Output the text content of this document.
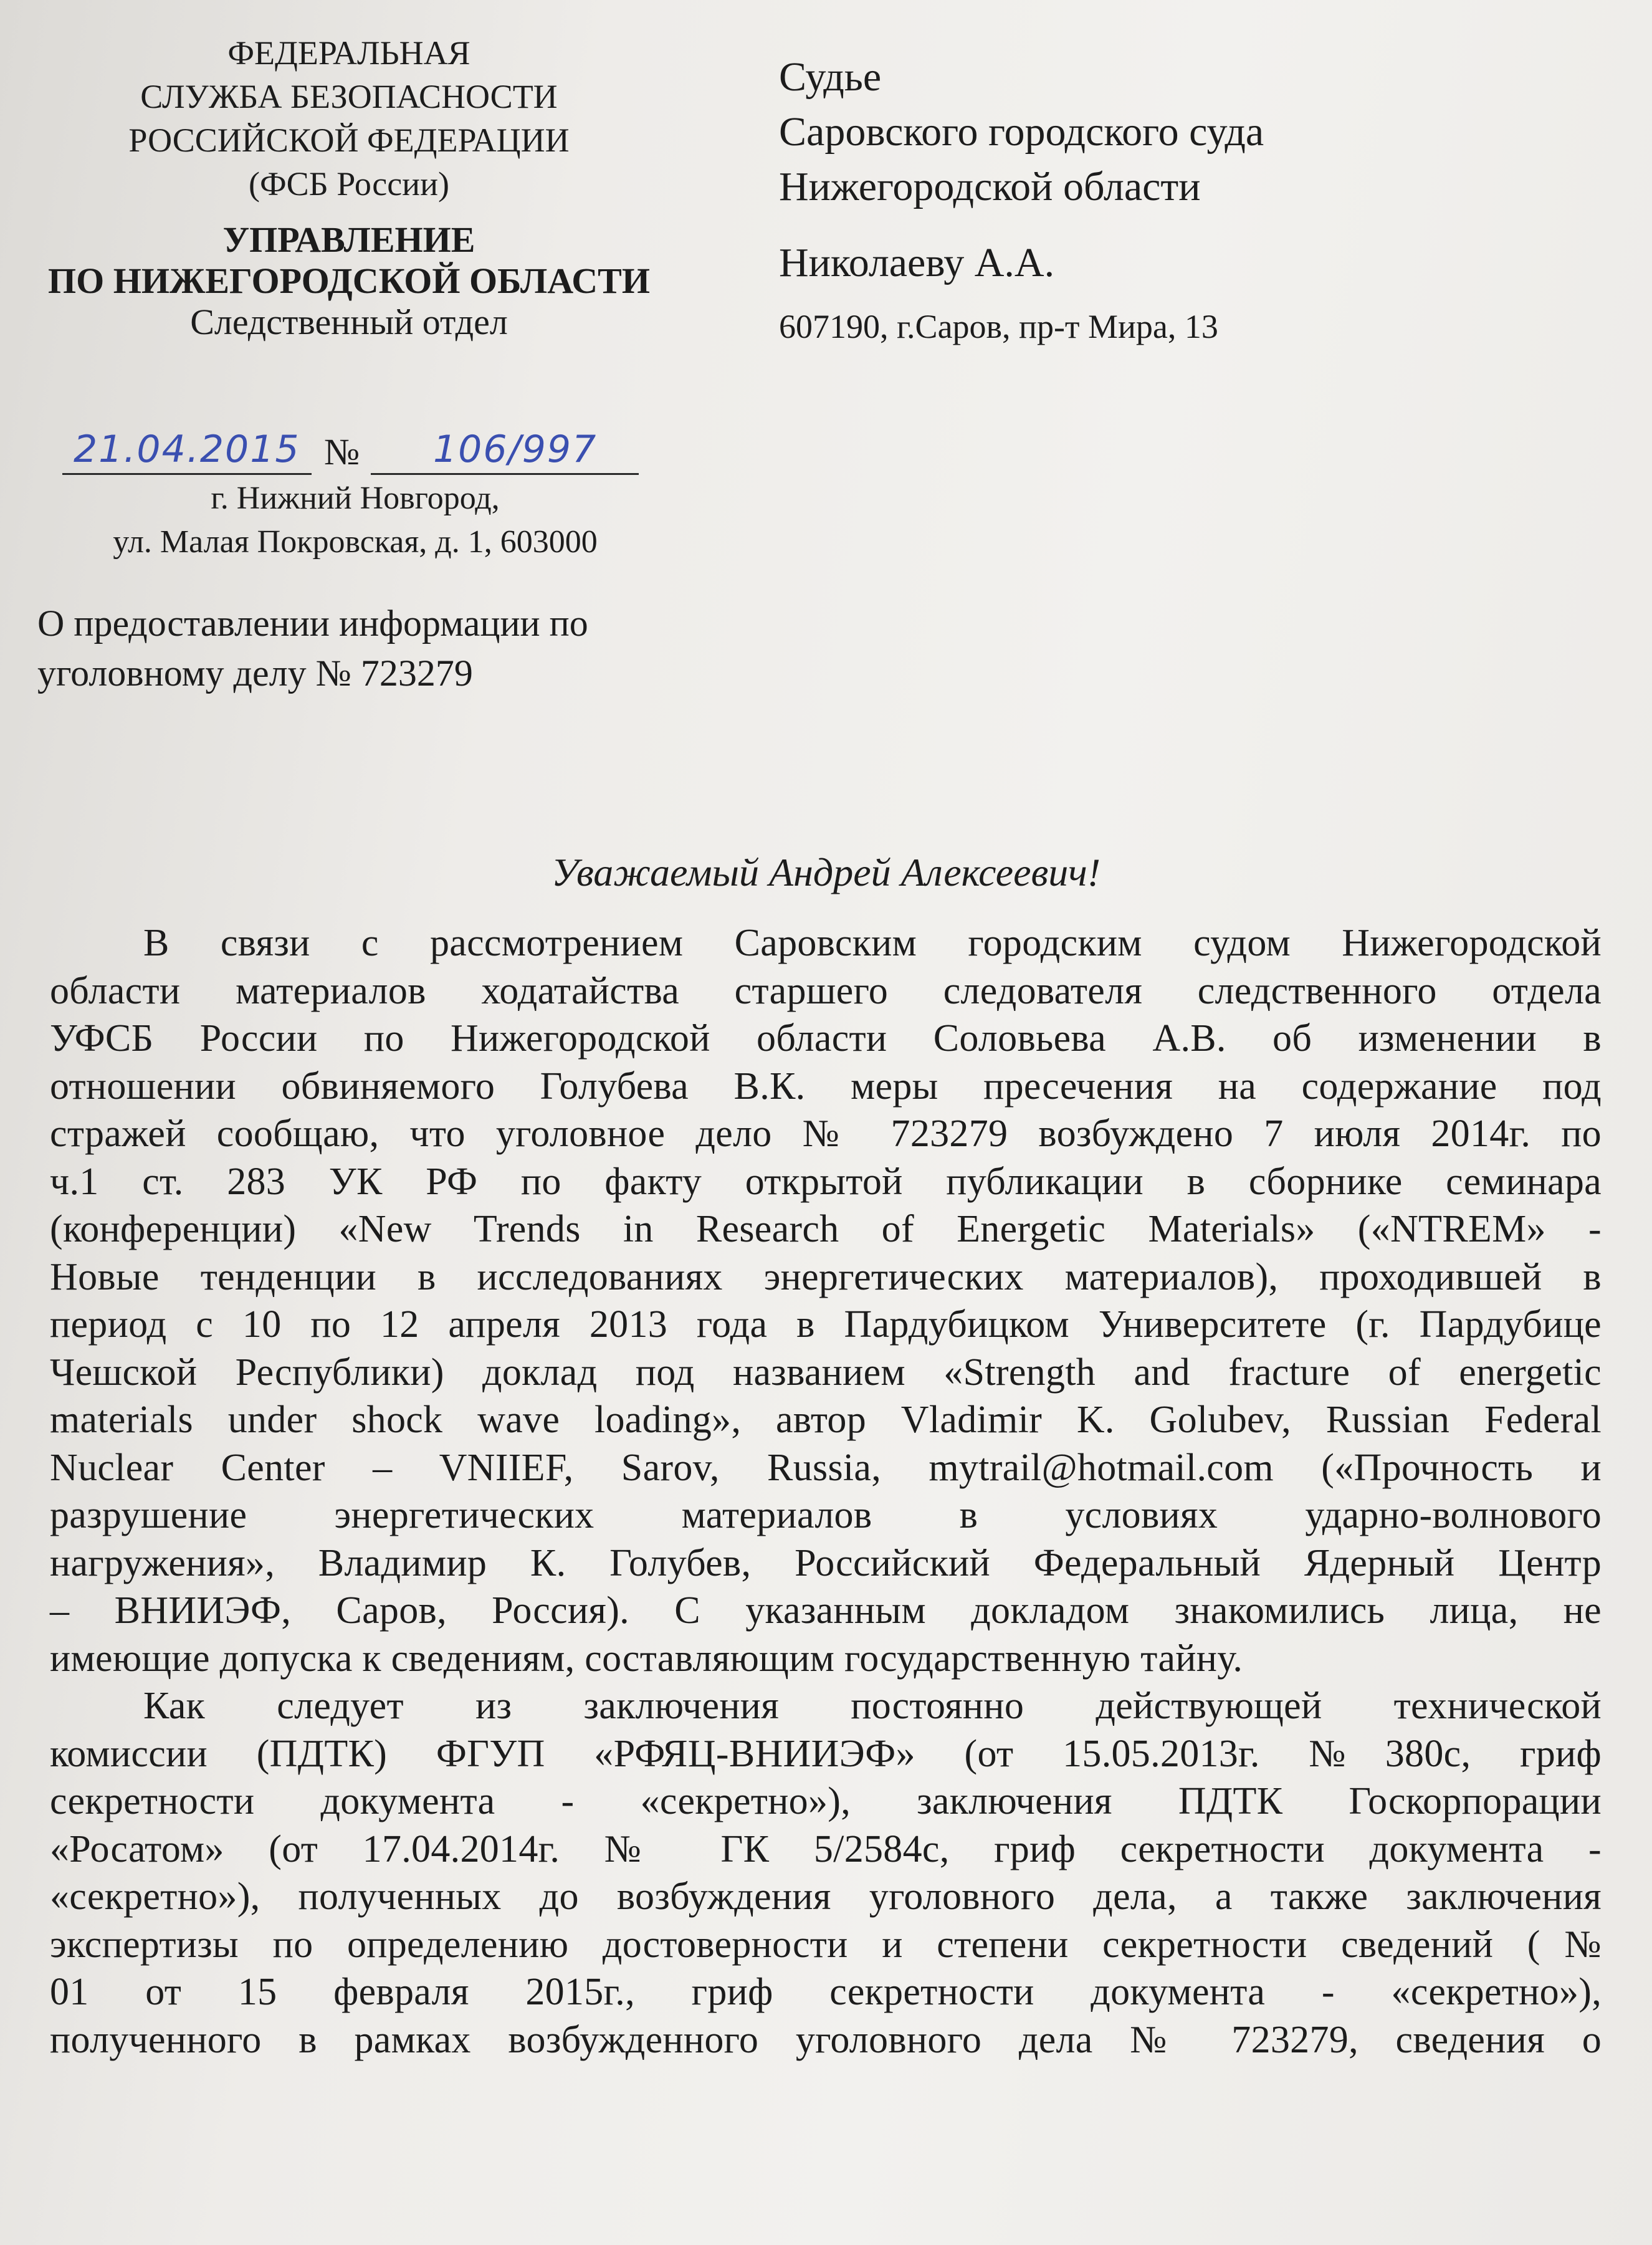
ФЕДЕРАЛЬНАЯ
СЛУЖБА БЕЗОПАСНОСТИ
РОССИЙСКОЙ ФЕДЕРАЦИИ
(ФСБ России)
УПРАВЛЕНИЕ
ПО НИЖЕГОРОДСКОЙ ОБЛАСТИ
Следственный отдел
Судье
Саровского городского суда
Нижегородской области
Николаеву А.А.
607190, г.Саров, пр-т Мира, 13
21.04.2015 №	106/997
г. Нижний Новгород,
ул. Малая Покровская, д. 1, 603000
О предоставлении информации по
уголовному делу № 723279
Уважаемый Андрей Алексеевич!
В связи с рассмотрением Саровским городским судом Нижегородской
области материалов ходатайства старшего следователя следственного отдела
УФСБ России по Нижегородской области Соловьева А.В. об изменении в
отношении обвиняемого Голубева В.К. меры пресечения на содержание под
стражей сообщаю, что уголовное дело № 723279 возбуждено 7 июля 2014г. по
ч.1 ст. 283 УК РФ по факту открытой публикации в сборнике семинара
(конференции) «New Trends in Research of Energetic Materials» («NTREM» -
Новые тенденции в исследованиях энергетических материалов), проходившей в
период с 10 по 12 апреля 2013 года в Пардубицком Университете (г. Пардубице
Чешской Республики) доклад под названием «Strength and fracture of energetic
materials under shock wave loading», автор Vladimir K. Golubev, Russian Federal
Nuclear Center – VNIIEF, Sarov, Russia, mytrail@hotmail.com («Прочность и
разрушение энергетических материалов в условиях ударно-волнового
нагружения», Владимир К. Голубев, Российский Федеральный Ядерный Центр
– ВНИИЭФ, Саров, Россия). С указанным докладом знакомились лица, не
имеющие допуска к сведениям, составляющим государственную тайну.
Как следует из заключения постоянно действующей технической
комиссии (ПДТК) ФГУП «РФЯЦ-ВНИИЭФ» (от 15.05.2013г. №380с, гриф
секретности документа - «секретно»), заключения ПДТК Госкорпорации
«Росатом» (от 17.04.2014г. № ГК 5/2584с, гриф секретности документа -
«секретно»), полученных до возбуждения уголовного дела, а также заключения
экспертизы по определению достоверности и степени секретности сведений (№
01 от 15 февраля 2015г., гриф секретности документа - «секретно»),
полученного в рамках возбужденного уголовного дела № 723279, сведения о
